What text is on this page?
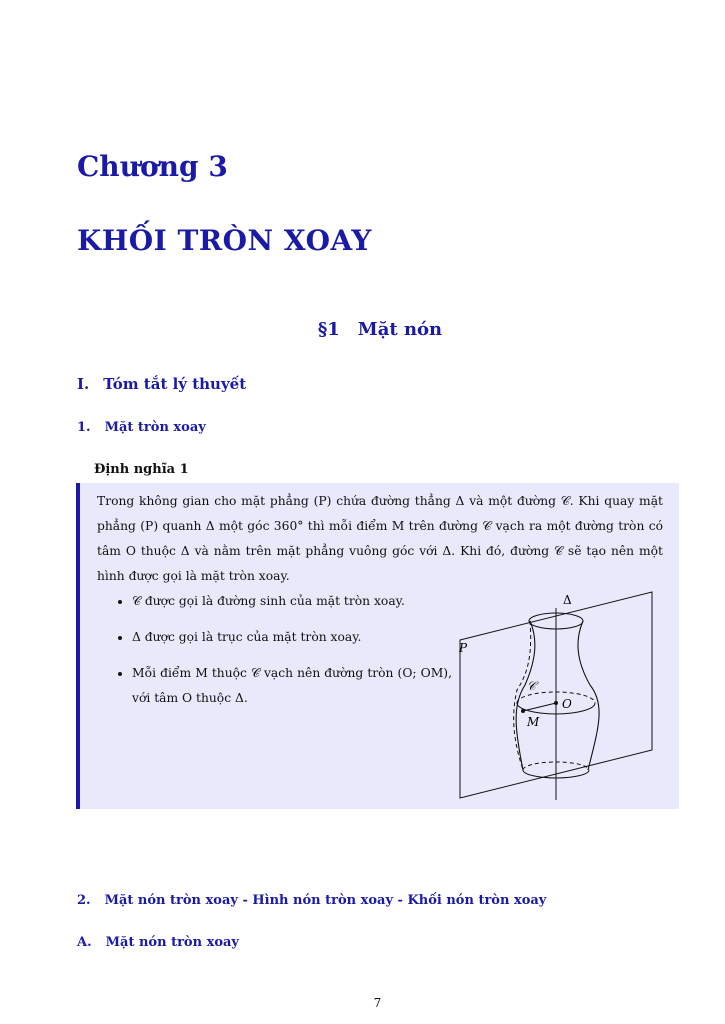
Chương 3
KHỐI TRÒN XOAY
§1 Mặt nón
I. Tóm tắt lý thuyết
1. Mặt tròn xoay
Định nghĩa 1
Trong không gian cho mặt phẳng (P) chứa đường thẳng Δ và một đường 𝒞. Khi quay mặt phẳng (P) quanh Δ một góc 360° thì mỗi điểm M trên đường 𝒞 vạch ra một đường tròn có tâm O thuộc Δ và nằm trên mặt phẳng vuông góc với Δ. Khi đó, đường 𝒞 sẽ tạo nên một hình được gọi là mặt tròn xoay.
• 𝒞 được gọi là đường sinh của mặt tròn xoay.
• Δ được gọi là trục của mặt tròn xoay.
• Mỗi điểm M thuộc 𝒞 vạch nên đường tròn (O; OM), với tâm O thuộc Δ.
Δ
P
𝒞
O
M
2. Mặt nón tròn xoay - Hình nón tròn xoay - Khối nón tròn xoay
A. Mặt nón tròn xoay
7
